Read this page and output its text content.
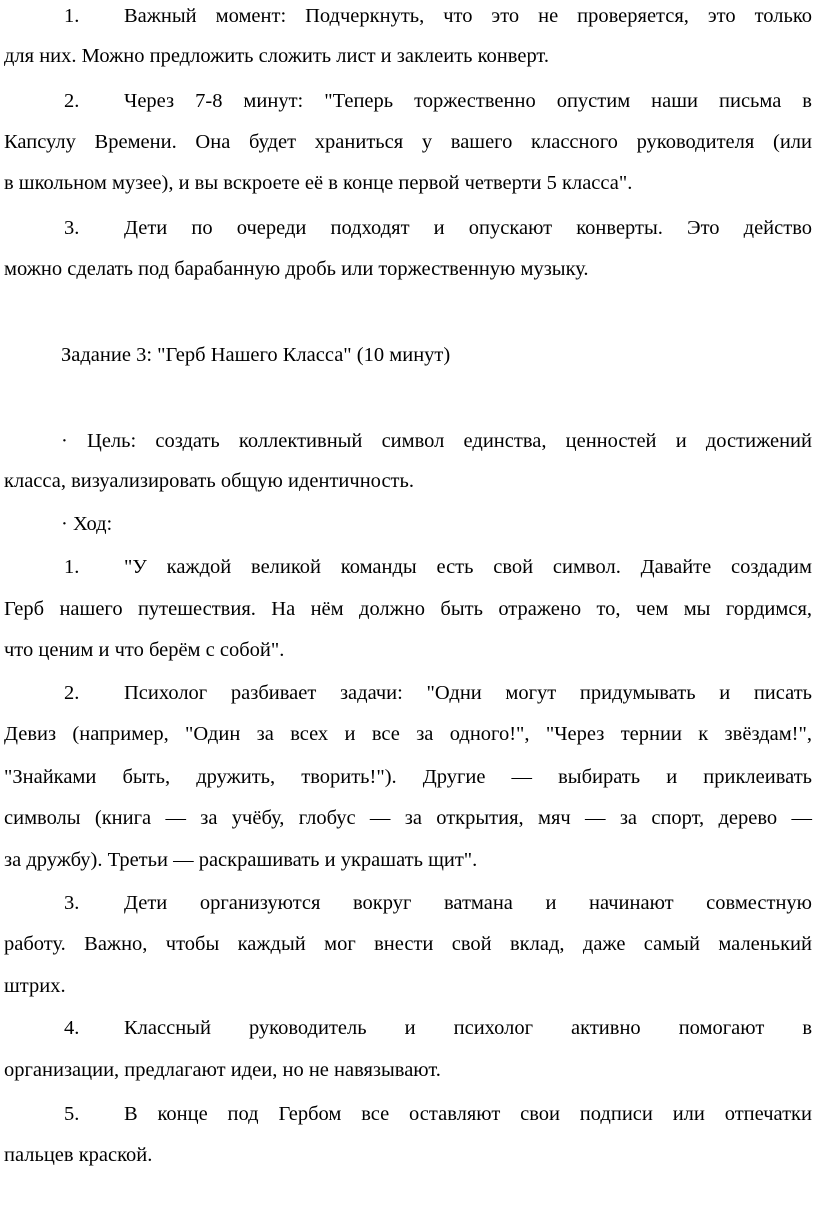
1.	Важный момент: Подчеркнуть, что это не проверяется, это только
для них. Можно предложить сложить лист и заклеить конверт.
2.	Через 7-8 минут: "Теперь торжественно опустим наши письма в
Капсулу Времени. Она будет храниться у вашего классного руководителя (или
в школьном музее), и вы вскроете её в конце первой четверти 5 класса".
3.	Дети по очереди подходят и опускают конверты. Это действо
можно сделать под барабанную дробь или торжественную музыку.
Задание 3: "Герб Нашего Класса" (10 минут)
· Цель: создать коллективный символ единства, ценностей и достижений
класса, визуализировать общую идентичность.
· Ход:
1.	"У каждой великой команды есть свой символ. Давайте создадим
Герб нашего путешествия. На нём должно быть отражено то, чем мы гордимся,
что ценим и что берём с собой".
2.	Психолог разбивает задачи: "Одни могут придумывать и писать
Девиз (например, "Один за всех и все за одного!", "Через тернии к звёздам!",
"Знайками быть, дружить, творить!"). Другие — выбирать и приклеивать
символы (книга — за учёбу, глобус — за открытия, мяч — за спорт, дерево —
за дружбу). Третьи — раскрашивать и украшать щит".
3.	Дети организуются вокруг ватмана и начинают совместную
работу. Важно, чтобы каждый мог внести свой вклад, даже самый маленький
штрих.
4.	Классный руководитель и психолог активно помогают в
организации, предлагают идеи, но не навязывают.
5.	В конце под Гербом все оставляют свои подписи или отпечатки
пальцев краской.
